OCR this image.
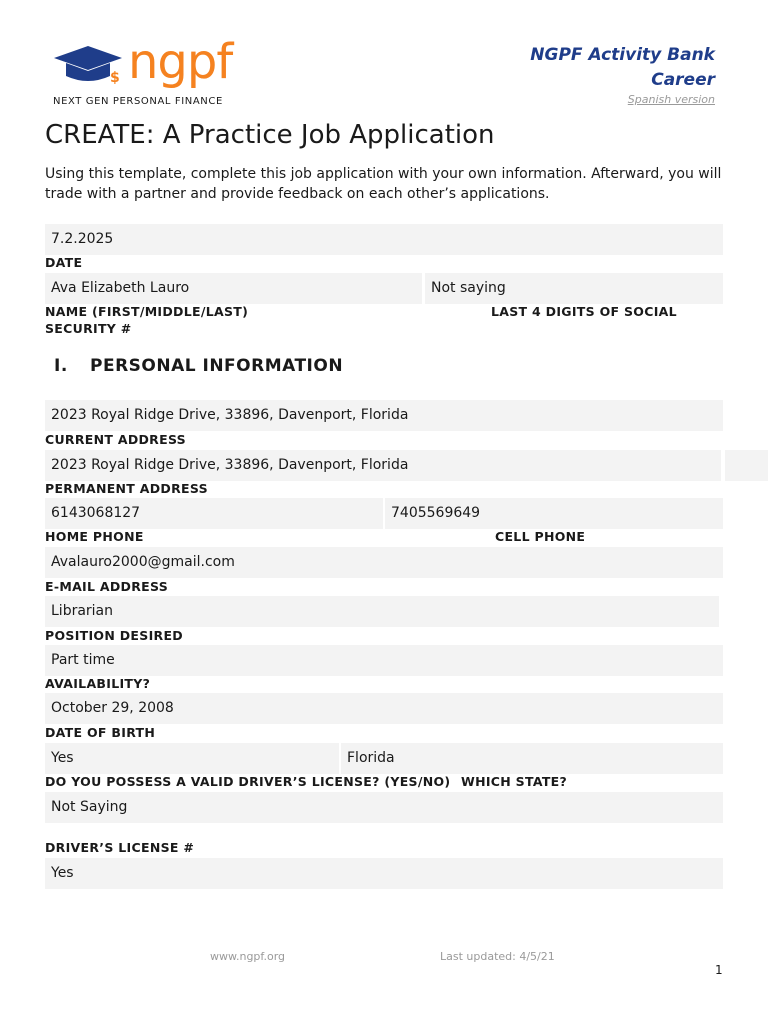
$ ngpf
NEXT GEN PERSONAL FINANCE
NGPF Activity Bank
Career
Spanish version
CREATE: A Practice Job Application
Using this template, complete this job application with your own information. Afterward, you will trade with a partner and provide feedback on each other’s applications.
7.2.2025
DATE
Ava Elizabeth Lauro	Not saying
NAME (FIRST/MIDDLE/LAST)	LAST 4 DIGITS OF SOCIAL
SECURITY #
I. PERSONAL INFORMATION
2023 Royal Ridge Drive, 33896, Davenport, Florida
CURRENT ADDRESS
2023 Royal Ridge Drive, 33896, Davenport, Florida
PERMANENT ADDRESS
6143068127	7405569649
HOME PHONE	CELL PHONE
Avalauro2000@gmail.com
E-MAIL ADDRESS
Librarian
POSITION DESIRED
Part time
AVAILABILITY?
October 29, 2008
DATE OF BIRTH
Yes	Florida
DO YOU POSSESS A VALID DRIVER’S LICENSE? (YES/NO) WHICH STATE?
Not Saying
DRIVER’S LICENSE #
Yes
www.ngpf.org	Last updated: 4/5/21
1
